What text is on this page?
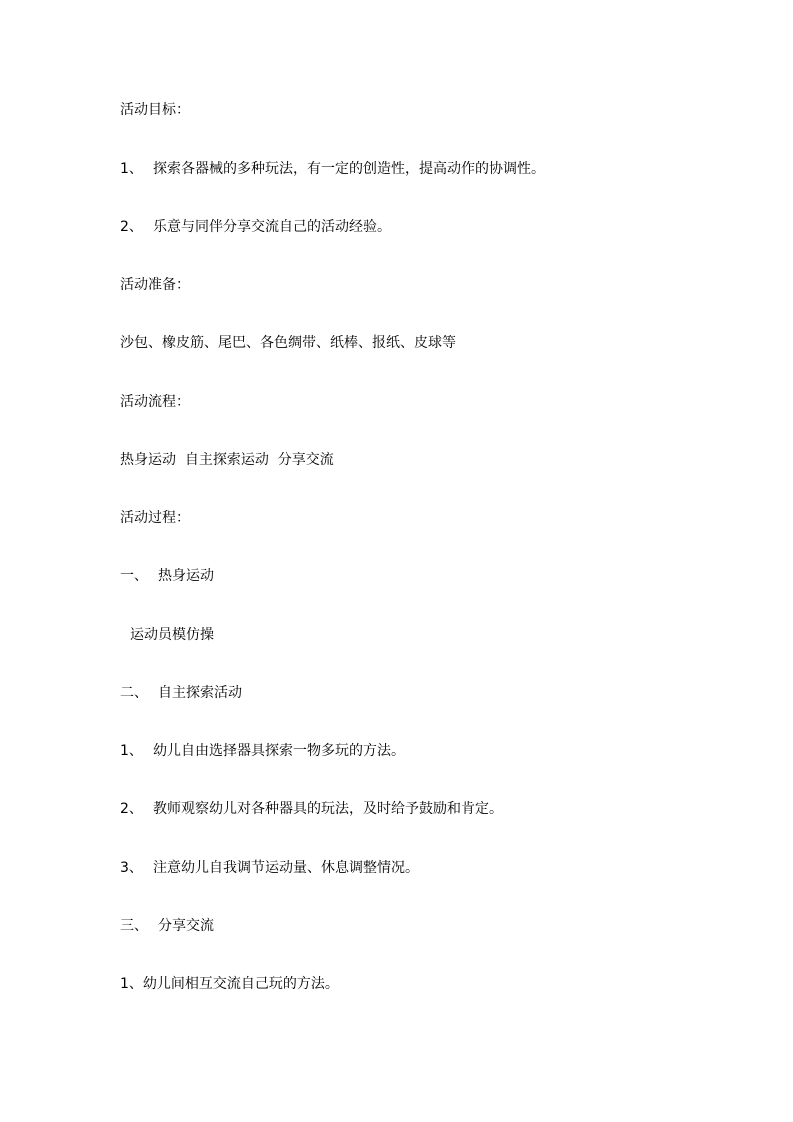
活动目标：
1、 探索各器械的多种玩法，有一定的创造性，提高动作的协调性。
2、 乐意与同伴分享交流自己的活动经验。
活动准备：
沙包、橡皮筋、尾巴、各色绸带、纸棒、报纸、皮球等
活动流程：
热身运动  自主探索运动  分享交流
活动过程：
一、 热身运动
运动员模仿操
二、 自主探索活动
1、 幼儿自由选择器具探索一物多玩的方法。
2、 教师观察幼儿对各种器具的玩法，及时给予鼓励和肯定。
3、 注意幼儿自我调节运动量、休息调整情况。
三、 分享交流
1、幼儿间相互交流自己玩的方法。
